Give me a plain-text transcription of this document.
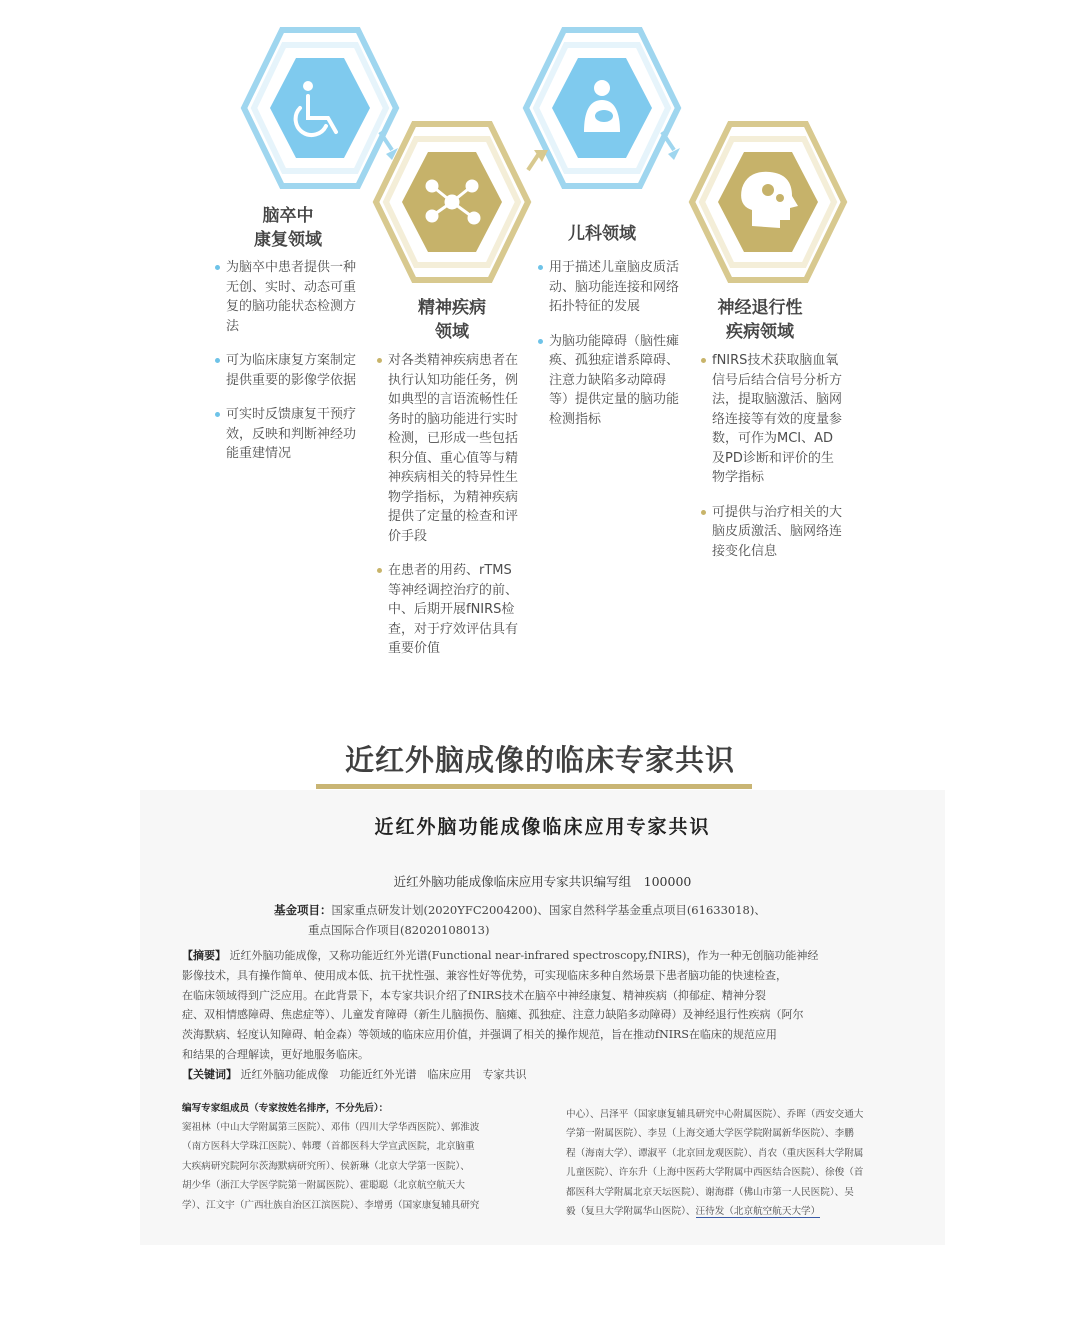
脑卒中
康复领域
精神疾病
领域
儿科领域
神经退行性
疾病领域
为脑卒中患者提供一种无创、实时、动态可重复的脑功能状态检测方法
可为临床康复方案制定提供重要的影像学依据
可实时反馈康复干预疗效，反映和判断神经功能重建情况
对各类精神疾病患者在执行认知功能任务，例如典型的言语流畅性任务时的脑功能进行实时检测，已形成一些包括积分值、重心值等与精神疾病相关的特异性生物学指标，为精神疾病提供了定量的检查和评价手段
在患者的用药、rTMS等神经调控治疗的前、中、后期开展fNIRS检查，对于疗效评估具有重要价值
用于描述儿童脑皮质活动、脑功能连接和网络拓扑特征的发展
为脑功能障碍（脑性瘫痪、孤独症谱系障碍、注意力缺陷多动障碍等）提供定量的脑功能检测指标
fNIRS技术获取脑血氧信号后结合信号分析方法，提取脑激活、脑网络连接等有效的度量参数，可作为MCI、AD及PD诊断和评价的生物学指标
可提供与治疗相关的大脑皮质激活、脑网络连接变化信息
近红外脑成像的临床专家共识
近红外脑功能成像临床应用专家共识
近红外脑功能成像临床应用专家共识编写组　100000
基金项目：国家重点研发计划(2020YFC2004200)、国家自然科学基金重点项目(61633018)、
重点国际合作项目(82020108013)
【摘要】 近红外脑功能成像，又称功能近红外光谱(Functional near-infrared spectroscopy,fNIRS)，作为一种无创脑功能神经
影像技术，具有操作简单、使用成本低、抗干扰性强、兼容性好等优势，可实现临床多种自然场景下患者脑功能的快速检查，
在临床领域得到广泛应用。在此背景下，本专家共识介绍了fNIRS技术在脑卒中神经康复、精神疾病（抑郁症、精神分裂
症、双相情感障碍、焦虑症等）、儿童发育障碍（新生儿脑损伤、脑瘫、孤独症、注意力缺陷多动障碍）及神经退行性疾病（阿尔
茨海默病、轻度认知障碍、帕金森）等领域的临床应用价值，并强调了相关的操作规范，旨在推动fNIRS在临床的规范应用
和结果的合理解读，更好地服务临床。
【关键词】 近红外脑功能成像　功能近红外光谱　临床应用　专家共识
编写专家组成员（专家按姓名排序，不分先后）：
窦祖林（中山大学附属第三医院）、邓伟（四川大学华西医院）、郭淮波
（南方医科大学珠江医院）、韩璎（首都医科大学宣武医院，北京脑重
大疾病研究院阿尔茨海默病研究所）、侯新琳（北京大学第一医院）、
胡少华（浙江大学医学院第一附属医院）、霍聪聪（北京航空航天大
学）、江文宇（广西壮族自治区江滨医院）、李增勇（国家康复辅具研究
中心）、吕泽平（国家康复辅具研究中心附属医院）、乔晖（西安交通大
学第一附属医院）、李昱（上海交通大学医学院附属新华医院）、李鹏
程（海南大学）、谭淑平（北京回龙观医院）、肖农（重庆医科大学附属
儿童医院）、许东升（上海中医药大学附属中西医结合医院）、徐俊（首
都医科大学附属北京天坛医院）、谢海群（佛山市第一人民医院）、吴
毅（复旦大学附属华山医院）、汪待发（北京航空航天大学）
